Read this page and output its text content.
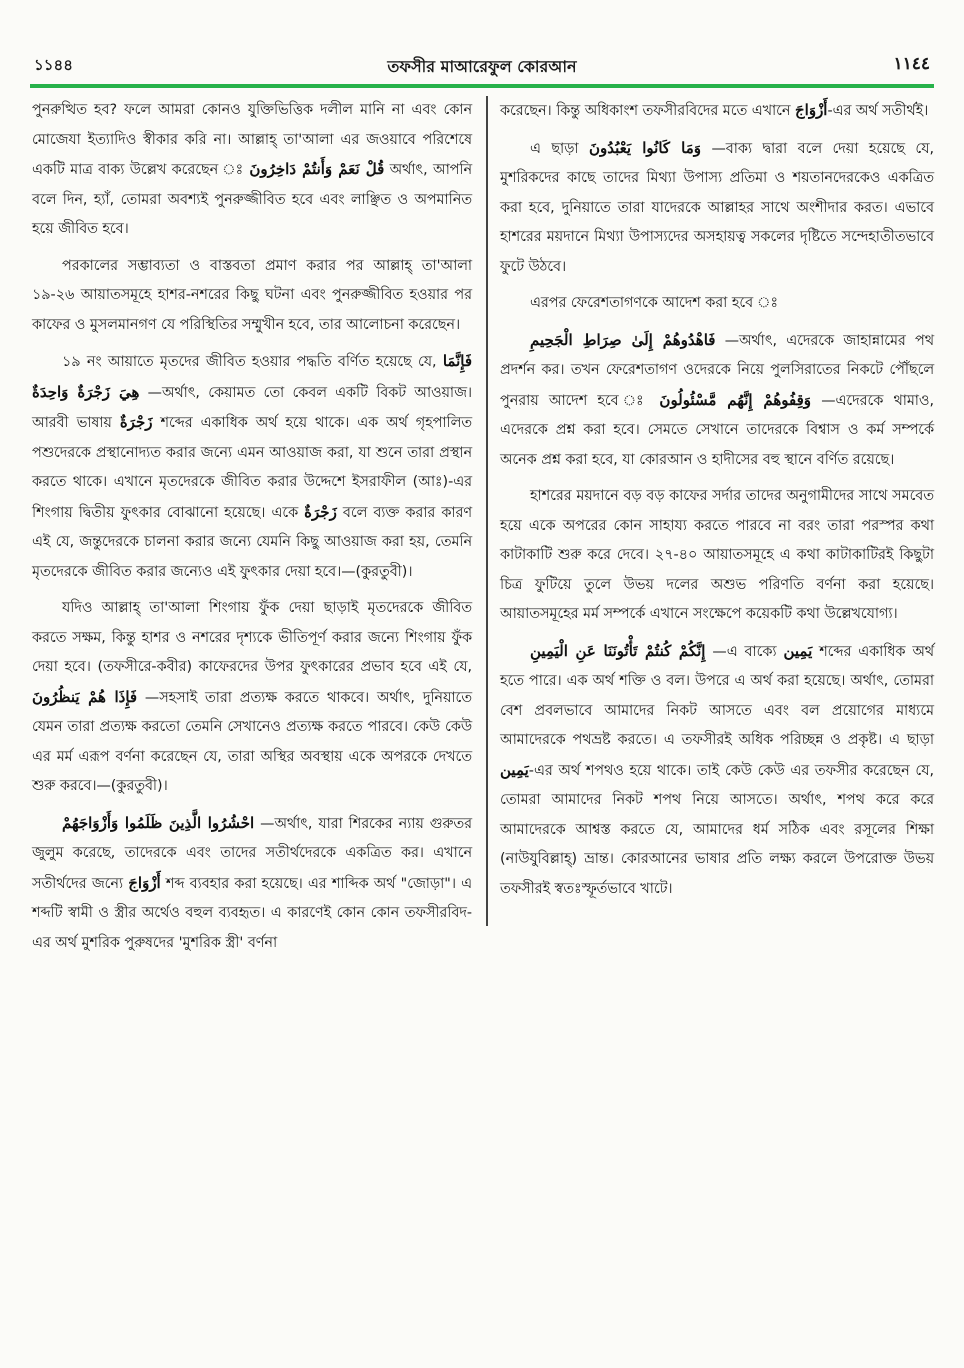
১১৪৪	তফসীর মাআরেফুল কোরআন	١١٤٤

পুনরুত্থিত হব? ফলে আমরা কোনও যুক্তিভিত্তিক দলীল মানি না এবং কোন মোজেযা ইত্যাদিও স্বীকার করি না। আল্লাহ্ তা'আলা এর জওয়াবে পরিশেষে একটি মাত্র বাক্য উল্লেখ করেছেন ঃ قُلْ نَعَمْ وَأَنتُمْ دَاخِرُونَ অর্থাৎ, আপনি বলে দিন, হ্যাঁ, তোমরা অবশ্যই পুনরুজ্জীবিত হবে এবং লাঞ্ছিত ও অপমানিত হয়ে জীবিত হবে।

পরকালের সম্ভাব্যতা ও বাস্তবতা প্রমাণ করার পর আল্লাহ্ তা'আলা ১৯-২৬ আয়াতসমূহে হাশর-নশরের কিছু ঘটনা এবং পুনরুজ্জীবিত হওয়ার পর কাফের ও মুসলমানগণ যে পরিস্থিতির সম্মুখীন হবে, তার আলোচনা করেছেন।

১৯ নং আয়াতে মৃতদের জীবিত হওয়ার পদ্ধতি বর্ণিত হয়েছে যে, فَإِنَّمَا هِيَ زَجْرَةٌ وَاحِدَةٌ —অর্থাৎ, কেয়ামত তো কেবল একটি বিকট আওয়াজ। আরবী ভাষায় زَجْرَةٌ শব্দের একাধিক অর্থ হয়ে থাকে। এক অর্থ গৃহপালিত পশুদেরকে প্রস্থানোদ্যত করার জন্যে এমন আওয়াজ করা, যা শুনে তারা প্রস্থান করতে থাকে। এখানে মৃতদেরকে জীবিত করার উদ্দেশে ইসরাফীল (আঃ)-এর শিংগায় দ্বিতীয় ফুৎকার বোঝানো হয়েছে। একে زَجْرَةٌ বলে ব্যক্ত করার কারণ এই যে, জন্তুদেরকে চালনা করার জন্যে যেমনি কিছু আওয়াজ করা হয়, তেমনি মৃতদেরকে জীবিত করার জন্যেও এই ফুৎকার দেয়া হবে।—(কুরতুবী)।

যদিও আল্লাহ্ তা'আলা শিংগায় ফুঁক দেয়া ছাড়াই মৃতদেরকে জীবিত করতে সক্ষম, কিন্তু হাশর ও নশরের দৃশ্যকে ভীতিপূর্ণ করার জন্যে শিংগায় ফুঁক দেয়া হবে। (তফসীরে-কবীর) কাফেরদের উপর ফুৎকারের প্রভাব হবে এই যে, فَإِذَا هُمْ يَنظُرُونَ —সহসাই তারা প্রত্যক্ষ করতে থাকবে। অর্থাৎ, দুনিয়াতে যেমন তারা প্রত্যক্ষ করতো তেমনি সেখানেও প্রত্যক্ষ করতে পারবে। কেউ কেউ এর মর্ম এরূপ বর্ণনা করেছেন যে, তারা অস্থির অবস্থায় একে অপরকে দেখতে শুরু করবে।—(কুরতুবী)।

احْشُرُوا الَّذِينَ ظَلَمُوا وَأَزْوَاجَهُمْ —অর্থাৎ, যারা শিরকের ন্যায় গুরুতর জুলুম করেছে, তাদেরকে এবং তাদের সতীর্থদেরকে একত্রিত কর। এখানে সতীর্থদের জন্যে أَزْوَاجَ শব্দ ব্যবহার করা হয়েছে। এর শাব্দিক অর্থ "জোড়া"। এ শব্দটি স্বামী ও স্ত্রীর অর্থেও বহুল ব্যবহৃত। এ কারণেই কোন কোন তফসীরবিদ-এর অর্থ মুশরিক পুরুষদের 'মুশরিক স্ত্রী' বর্ণনা

করেছেন। কিন্তু অধিকাংশ তফসীরবিদের মতে এখানে أَزْوَاجَ-এর অর্থ সতীর্থই।

এ ছাড়া وَمَا كَانُوا يَعْبُدُونَ —বাক্য দ্বারা বলে দেয়া হয়েছে যে, মুশরিকদের কাছে তাদের মিথ্যা উপাস্য প্রতিমা ও শয়তানদেরকেও একত্রিত করা হবে, দুনিয়াতে তারা যাদেরকে আল্লাহর সাথে অংশীদার করত। এভাবে হাশরের ময়দানে মিথ্যা উপাস্যদের অসহায়ত্ব সকলের দৃষ্টিতে সন্দেহাতীতভাবে ফুটে উঠবে।

এরপর ফেরেশতাগণকে আদেশ করা হবে ঃ

فَاهْدُوهُمْ إِلَىٰ صِرَاطِ الْجَحِيمِ —অর্থাৎ, এদেরকে জাহান্নামের পথ প্রদর্শন কর। তখন ফেরেশতাগণ ওদেরকে নিয়ে পুলসিরাতের নিকটে পৌঁছলে পুনরায় আদেশ হবে ঃ وَقِفُوهُمْ إِنَّهُم مَّسْئُولُونَ —এদেরকে থামাও, এদেরকে প্রশ্ন করা হবে। সেমতে সেখানে তাদেরকে বিশ্বাস ও কর্ম সম্পর্কে অনেক প্রশ্ন করা হবে, যা কোরআন ও হাদীসের বহু স্থানে বর্ণিত রয়েছে।

হাশরের ময়দানে বড় বড় কাফের সর্দার তাদের অনুগামীদের সাথে সমবেত হয়ে একে অপরের কোন সাহায্য করতে পারবে না বরং তারা পরস্পর কথা কাটাকাটি শুরু করে দেবে। ২৭-৪০ আয়াতসমূহে এ কথা কাটাকাটিরই কিছুটা চিত্র ফুটিয়ে তুলে উভয় দলের অশুভ পরিণতি বর্ণনা করা হয়েছে। আয়াতসমূহের মর্ম সম্পর্কে এখানে সংক্ষেপে কয়েকটি কথা উল্লেখযোগ্য।

إِنَّكُمْ كُنتُمْ تَأْتُونَنَا عَنِ الْيَمِينِ —এ বাক্যে يَمِين শব্দের একাধিক অর্থ হতে পারে। এক অর্থ শক্তি ও বল। উপরে এ অর্থ করা হয়েছে। অর্থাৎ, তোমরা বেশ প্রবলভাবে আমাদের নিকট আসতে এবং বল প্রয়োগের মাধ্যমে আমাদেরকে পথভ্রষ্ট করতে। এ তফসীরই অধিক পরিচ্ছন্ন ও প্রকৃষ্ট। এ ছাড়া يَمِين-এর অর্থ শপথও হয়ে থাকে। তাই কেউ কেউ এর তফসীর করেছেন যে, তোমরা আমাদের নিকট শপথ নিয়ে আসতে। অর্থাৎ, শপথ করে করে আমাদেরকে আশ্বস্ত করতে যে, আমাদের ধর্ম সঠিক এবং রসূলের শিক্ষা (নাউযুবিল্লাহ্) ভ্রান্ত। কোরআনের ভাষার প্রতি লক্ষ্য করলে উপরোক্ত উভয় তফসীরই স্বতঃস্ফূর্তভাবে খাটে।
